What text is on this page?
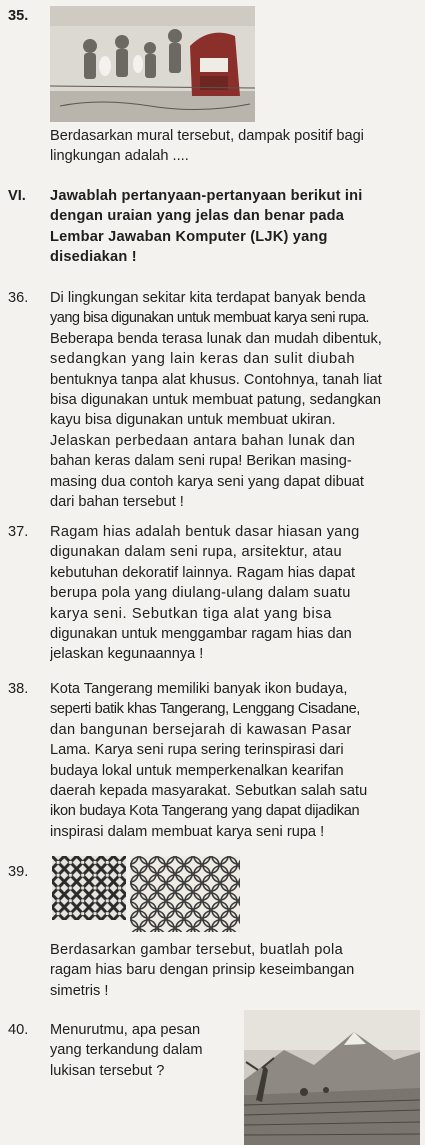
35.
Berdasarkan mural tersebut, dampak positif bagi
lingkungan adalah ....
VI. Jawablah pertanyaan-pertanyaan berikut ini
dengan uraian yang jelas dan benar pada
Lembar Jawaban Komputer (LJK) yang
disediakan !
36. Di lingkungan sekitar kita terdapat banyak benda
yang bisa digunakan untuk membuat karya seni rupa.
Beberapa benda terasa lunak dan mudah dibentuk,
sedangkan yang lain keras dan sulit diubah
bentuknya tanpa alat khusus. Contohnya, tanah liat
bisa digunakan untuk membuat patung, sedangkan
kayu bisa digunakan untuk membuat ukiran.
Jelaskan perbedaan antara bahan lunak dan
bahan keras dalam seni rupa! Berikan masing-
masing dua contoh karya seni yang dapat dibuat
dari bahan tersebut !
37. Ragam hias adalah bentuk dasar hiasan yang
digunakan dalam seni rupa, arsitektur, atau
kebutuhan dekoratif lainnya. Ragam hias dapat
berupa pola yang diulang-ulang dalam suatu
karya seni. Sebutkan tiga alat yang bisa
digunakan untuk menggambar ragam hias dan
jelaskan kegunaannya !
38. Kota Tangerang memiliki banyak ikon budaya,
seperti batik khas Tangerang, Lenggang Cisadane,
dan bangunan bersejarah di kawasan Pasar
Lama. Karya seni rupa sering terinspirasi dari
budaya lokal untuk memperkenalkan kearifan
daerah kepada masyarakat. Sebutkan salah satu
ikon budaya Kota Tangerang yang dapat dijadikan
inspirasi dalam membuat karya seni rupa !
39.
Berdasarkan gambar tersebut, buatlah pola
ragam hias baru dengan prinsip keseimbangan
simetris !
40. Menurutmu, apa pesan
yang terkandung dalam
lukisan tersebut ?
